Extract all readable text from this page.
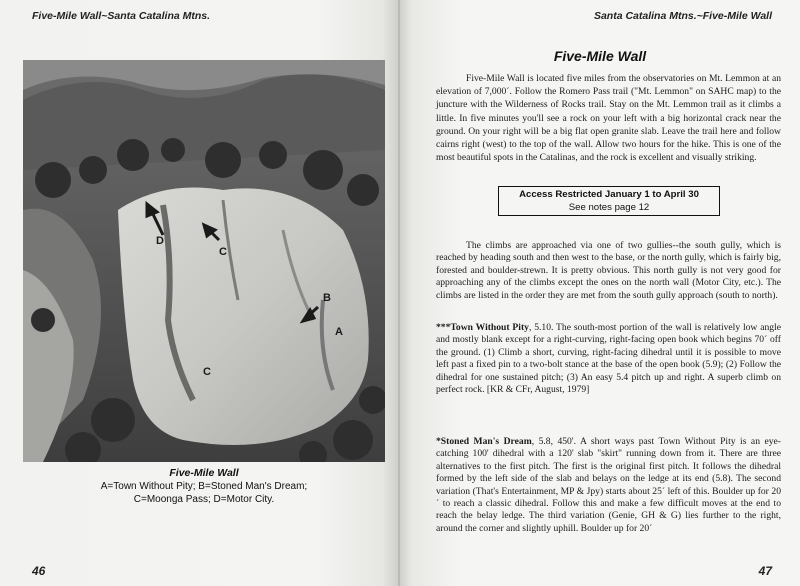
Five-Mile Wall~Santa Catalina Mtns.
D
C
B
A
C
Five-Mile Wall
A=Town Without Pity; B=Stoned Man's Dream;
C=Moonga Pass; D=Motor City.
46
Santa Catalina Mtns.~Five-Mile Wall
Five-Mile Wall
Five-Mile Wall is located five miles from the observatories on Mt. Lemmon at an elevation of 7,000´. Follow the Romero Pass trail ("Mt. Lemmon" on SAHC map) to the juncture with the Wilderness of Rocks trail. Stay on the Mt. Lemmon trail as it climbs a little. In five minutes you'll see a rock on your left with a big horizontal crack near the ground. On your right will be a big flat open granite slab. Leave the trail here and follow cairns right (west) to the top of the wall. Allow two hours for the hike. This is one of the most beautiful spots in the Catalinas, and the rock is excellent and visually striking.
Access Restricted January 1 to April 30
See notes page 12
The climbs are approached via one of two gullies--the south gully, which is reached by heading south and then west to the base, or the north gully, which is fairly big, forested and boulder-strewn. It is pretty obvious. This north gully is not very good for approaching any of the climbs except the ones on the north wall (Motor City, etc.). The climbs are listed in the order they are met from the south gully approach (south to north).
***Town Without Pity, 5.10. The south-most portion of the wall is relatively low angle and mostly blank except for a right-curving, right-facing open book which begins 70´ off the ground. (1) Climb a short, curving, right-facing dihedral until it is possible to move left past a fixed pin to a two-bolt stance at the base of the open book (5.9); (2) Follow the dihedral for one sustained pitch; (3) An easy 5.4 pitch up and right. A superb climb on perfect rock. [KR & CFr, August, 1979]
*Stoned Man's Dream, 5.8, 450'. A short ways past Town Without Pity is an eye-catching 100' dihedral with a 120' slab "skirt" running down from it. There are three alternatives to the first pitch. The first is the original first pitch. It follows the dihedral formed by the left side of the slab and belays on the ledge at its end (5.8). The second variation (That's Entertainment, MP & Jpy) starts about 25´ left of this. Boulder up for 20´ to reach a classic dihedral. Follow this and make a few difficult moves at the end to reach the belay ledge. The third variation (Genie, GH & G) lies further to the right, around the corner and slightly uphill. Boulder up for 20´
47
